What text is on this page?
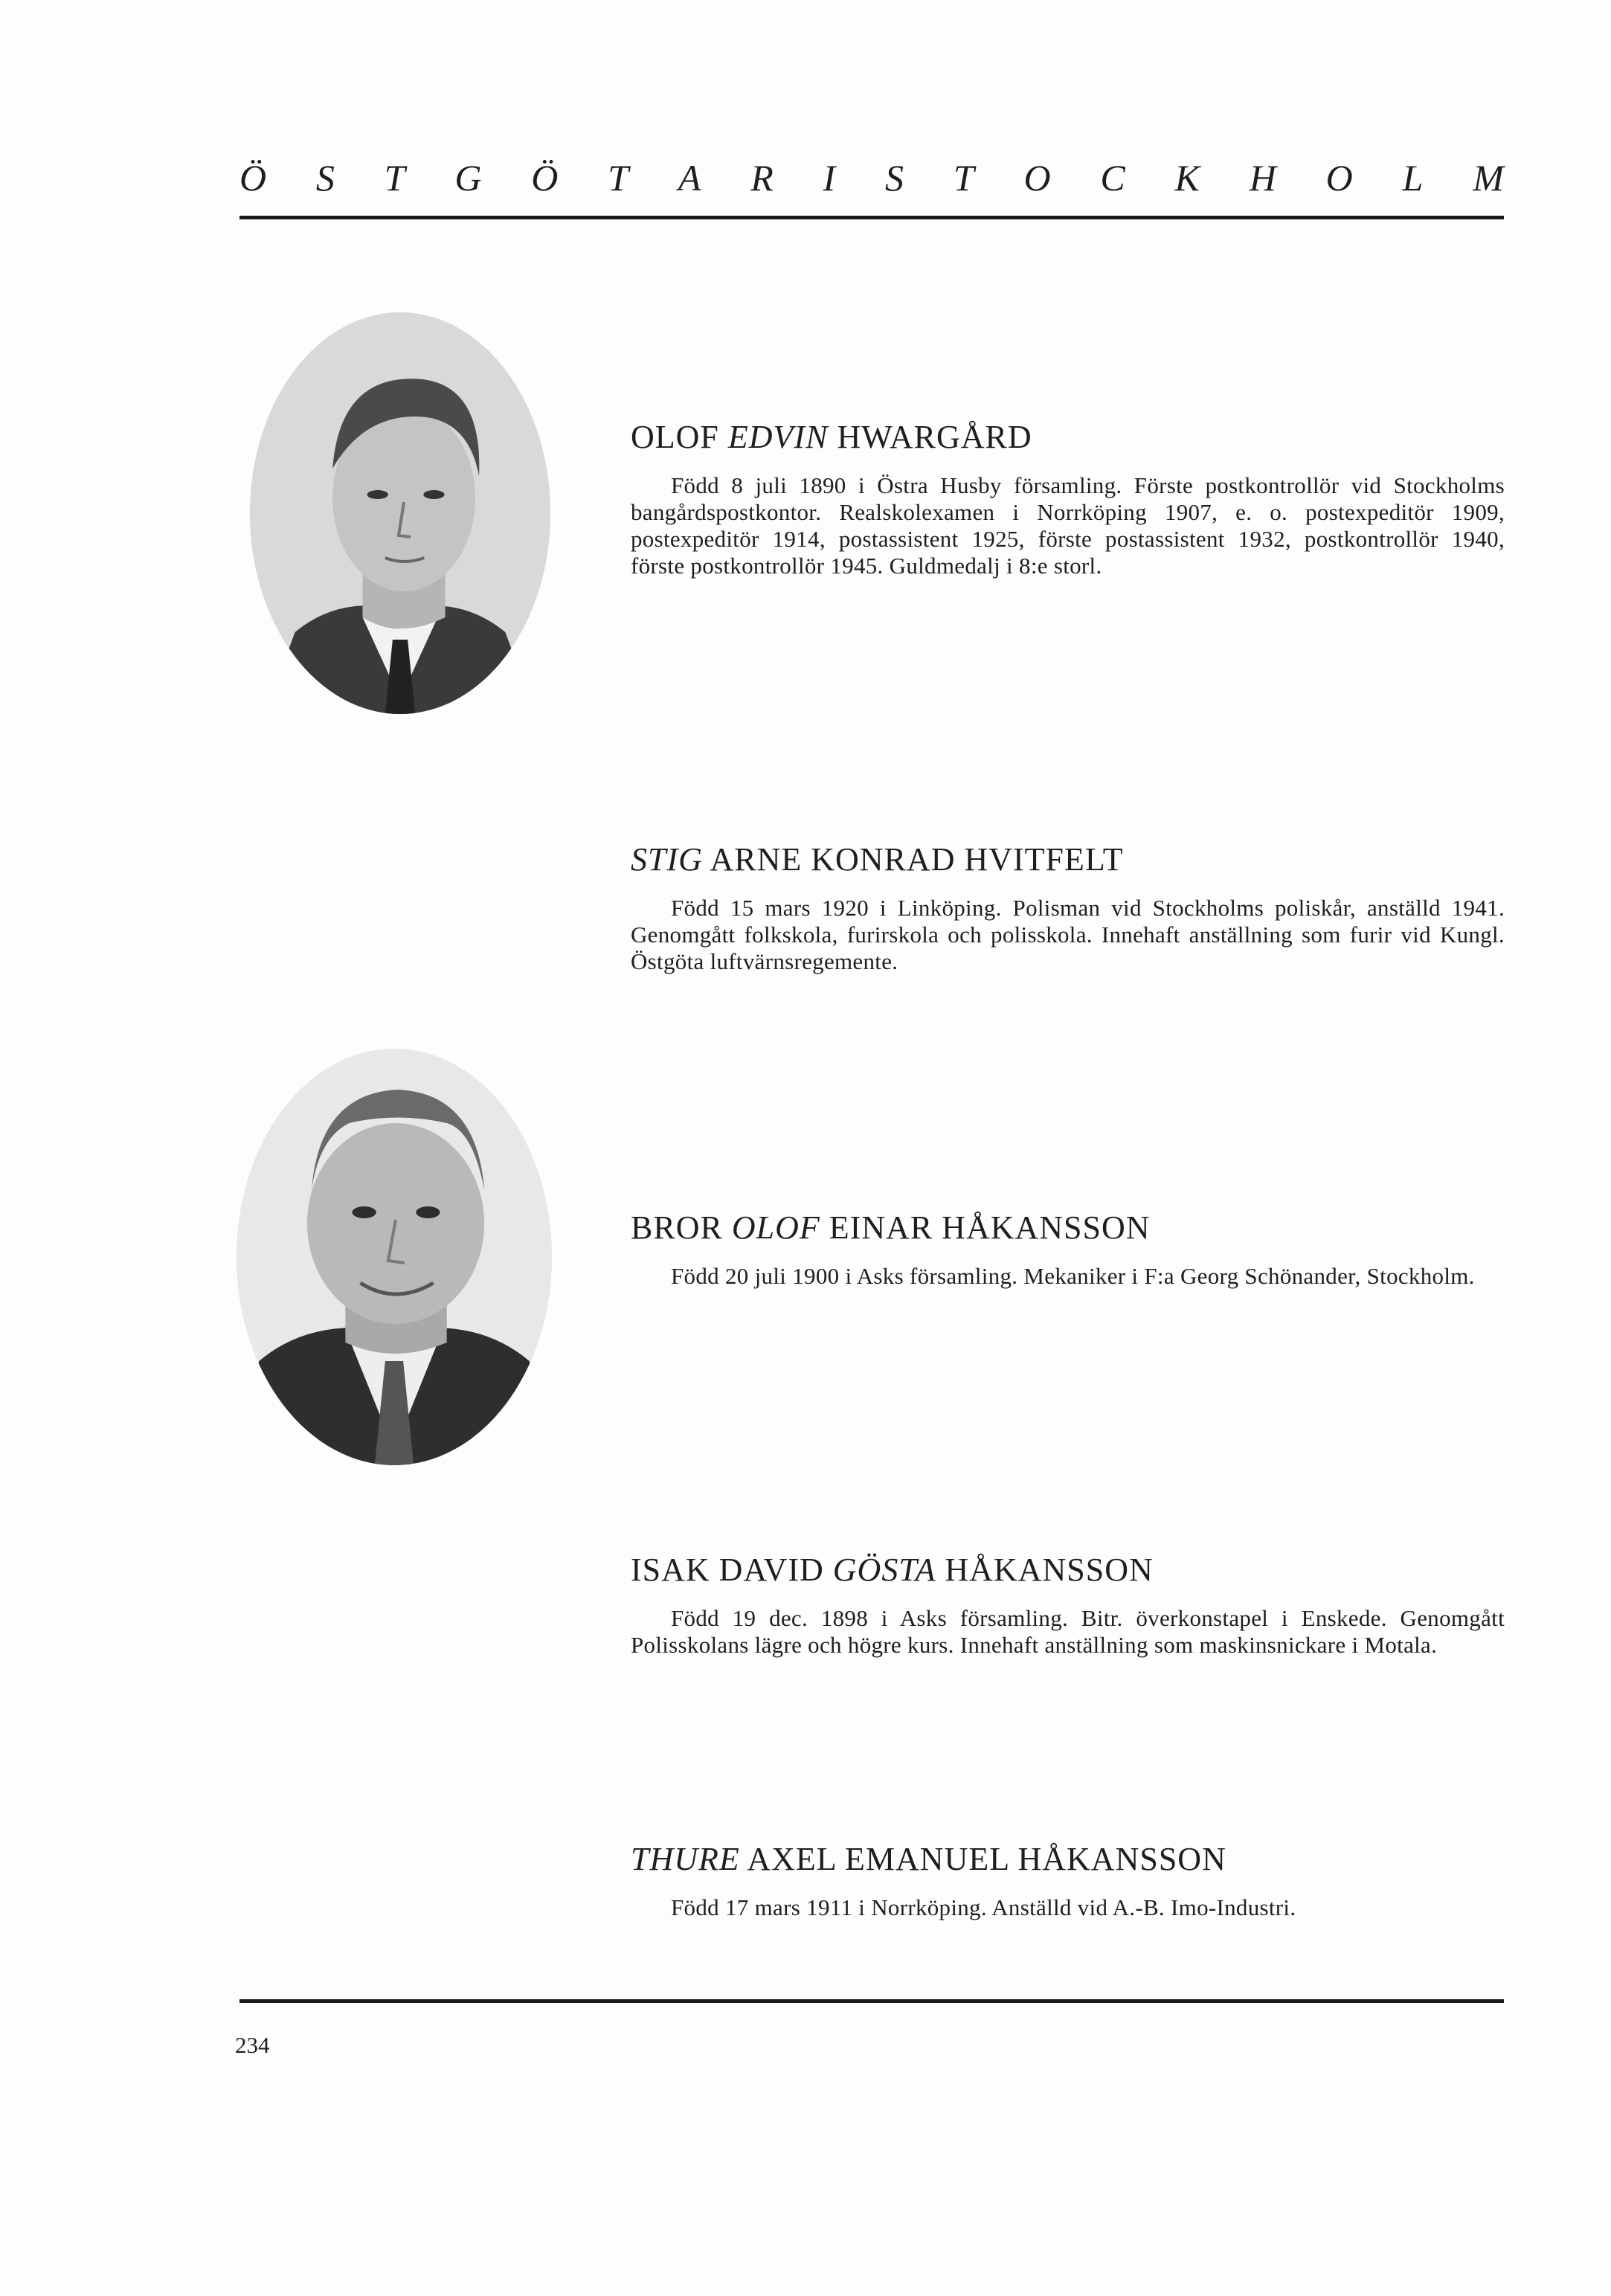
Ö S T G Ö T A R I S T O C K H O L M
OLOF EDVIN HWARGÅRD

Född 8 juli 1890 i Östra Husby församling. Förste postkontrollör vid Stockholms bangårdspostkontor. Realskolexamen i Norrköping 1907, e. o. postexpeditör 1909, postexpeditör 1914, postassistent 1925, förste postassistent 1932, postkontrollör 1940, förste postkontrollör 1945. Guldmedalj i 8:e storl.

STIG ARNE KONRAD HVITFELT

Född 15 mars 1920 i Linköping. Polisman vid Stockholms poliskår, anställd 1941. Genomgått folkskola, furirskola och polisskola. Innehaft anställning som furir vid Kungl. Östgöta luftvärnsregemente.

BROR OLOF EINAR HÅKANSSON

Född 20 juli 1900 i Asks församling. Mekaniker i F:a Georg Schönander, Stockholm.

ISAK DAVID GÖSTA HÅKANSSON

Född 19 dec. 1898 i Asks församling. Bitr. överkonstapel i Enskede. Genomgått Polisskolans lägre och högre kurs. Innehaft anställning som maskinsnickare i Motala.

THURE AXEL EMANUEL HÅKANSSON

Född 17 mars 1911 i Norrköping. Anställd vid A.-B. Imo-Industri.

234
